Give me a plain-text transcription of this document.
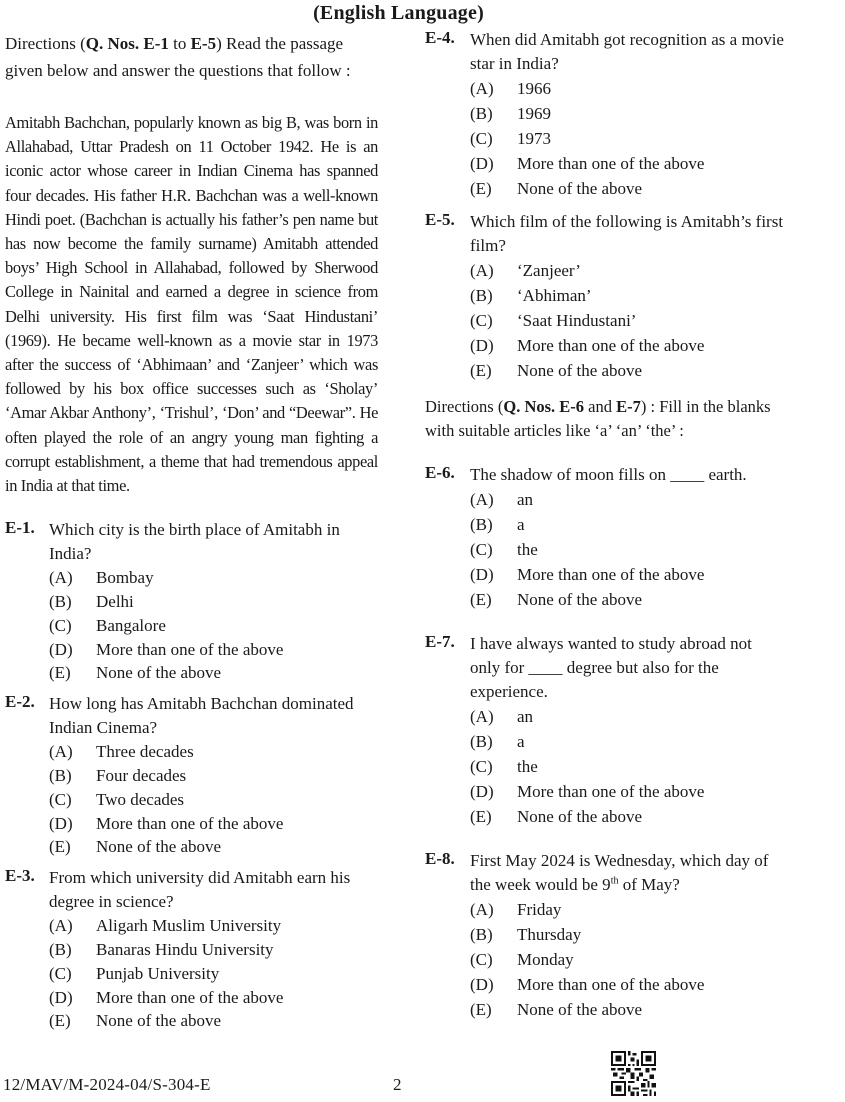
(English Language)

Directions (Q. Nos. E-1 to E-5) Read the passage given below and answer the questions that follow :

Amitabh Bachchan, popularly known as big B, was born in Allahabad, Uttar Pradesh on 11 October 1942. He is an iconic actor whose career in Indian Cinema has spanned four decades. His father H.R. Bachchan was a well-known Hindi poet. (Bachchan is actually his father’s pen name but has now become the family surname) Amitabh attended boys’ High School in Allahabad, followed by Sherwood College in Nainital and earned a degree in science from Delhi university. His first film was ‘Saat Hindustani’ (1969). He became well-known as a movie star in 1973 after the success of ‘Abhimaan’ and ‘Zanjeer’ which was followed by his box office successes such as ‘Sholay’ ‘Amar Akbar Anthony’, ‘Trishul’, ‘Don’ and “Deewar”. He often played the role of an angry young man fighting a corrupt establishment, a theme that had tremendous appeal in India at that time.

E-1. Which city is the birth place of Amitabh in India?

(A)	Bombay
(B)	Delhi
(C)	Bangalore
(D)	More than one of the above
(E)	None of the above
E-2. How long has Amitabh Bachchan dominated Indian Cinema?

(A)	Three decades
(B)	Four decades
(C)	Two decades
(D)	More than one of the above
(E)	None of the above
E-3. From which university did Amitabh earn his degree in science?

(A)	Aligarh Muslim University
(B)	Banaras Hindu University
(C)	Punjab University
(D)	More than one of the above
(E)	None of the above
E-4. When did Amitabh got recognition as a movie
star in India?

(A)	1966
(B)	1969
(C)	1973
(D)	More than one of the above
(E)	None of the above
E-5. Which film of the following is Amitabh’s first
film?

(A)	‘Zanjeer’
(B)	‘Abhiman’
(C)	‘Saat Hindustani’
(D)	More than one of the above
(E)	None of the above

Directions (Q. Nos. E-6 and E-7) : Fill in the blanks
with suitable articles like ‘a’ ‘an’ ‘the’ :

E-6. The shadow of moon fills on ____ earth.

(A)	an
(B)	a
(C)	the
(D)	More than one of the above
(E)	None of the above
E-7. I have always wanted to study abroad not
only for ____ degree but also for the
experience.

(A)	an
(B)	a
(C)	the
(D)	More than one of the above
(E)	None of the above
E-8. First May 2024 is Wednesday, which day of
the week would be 9th of May?

(A)	Friday
(B)	Thursday
(C)	Monday
(D)	More than one of the above
(E)	None of the above
12/MAV/M-2024-04/S-304-E	2
